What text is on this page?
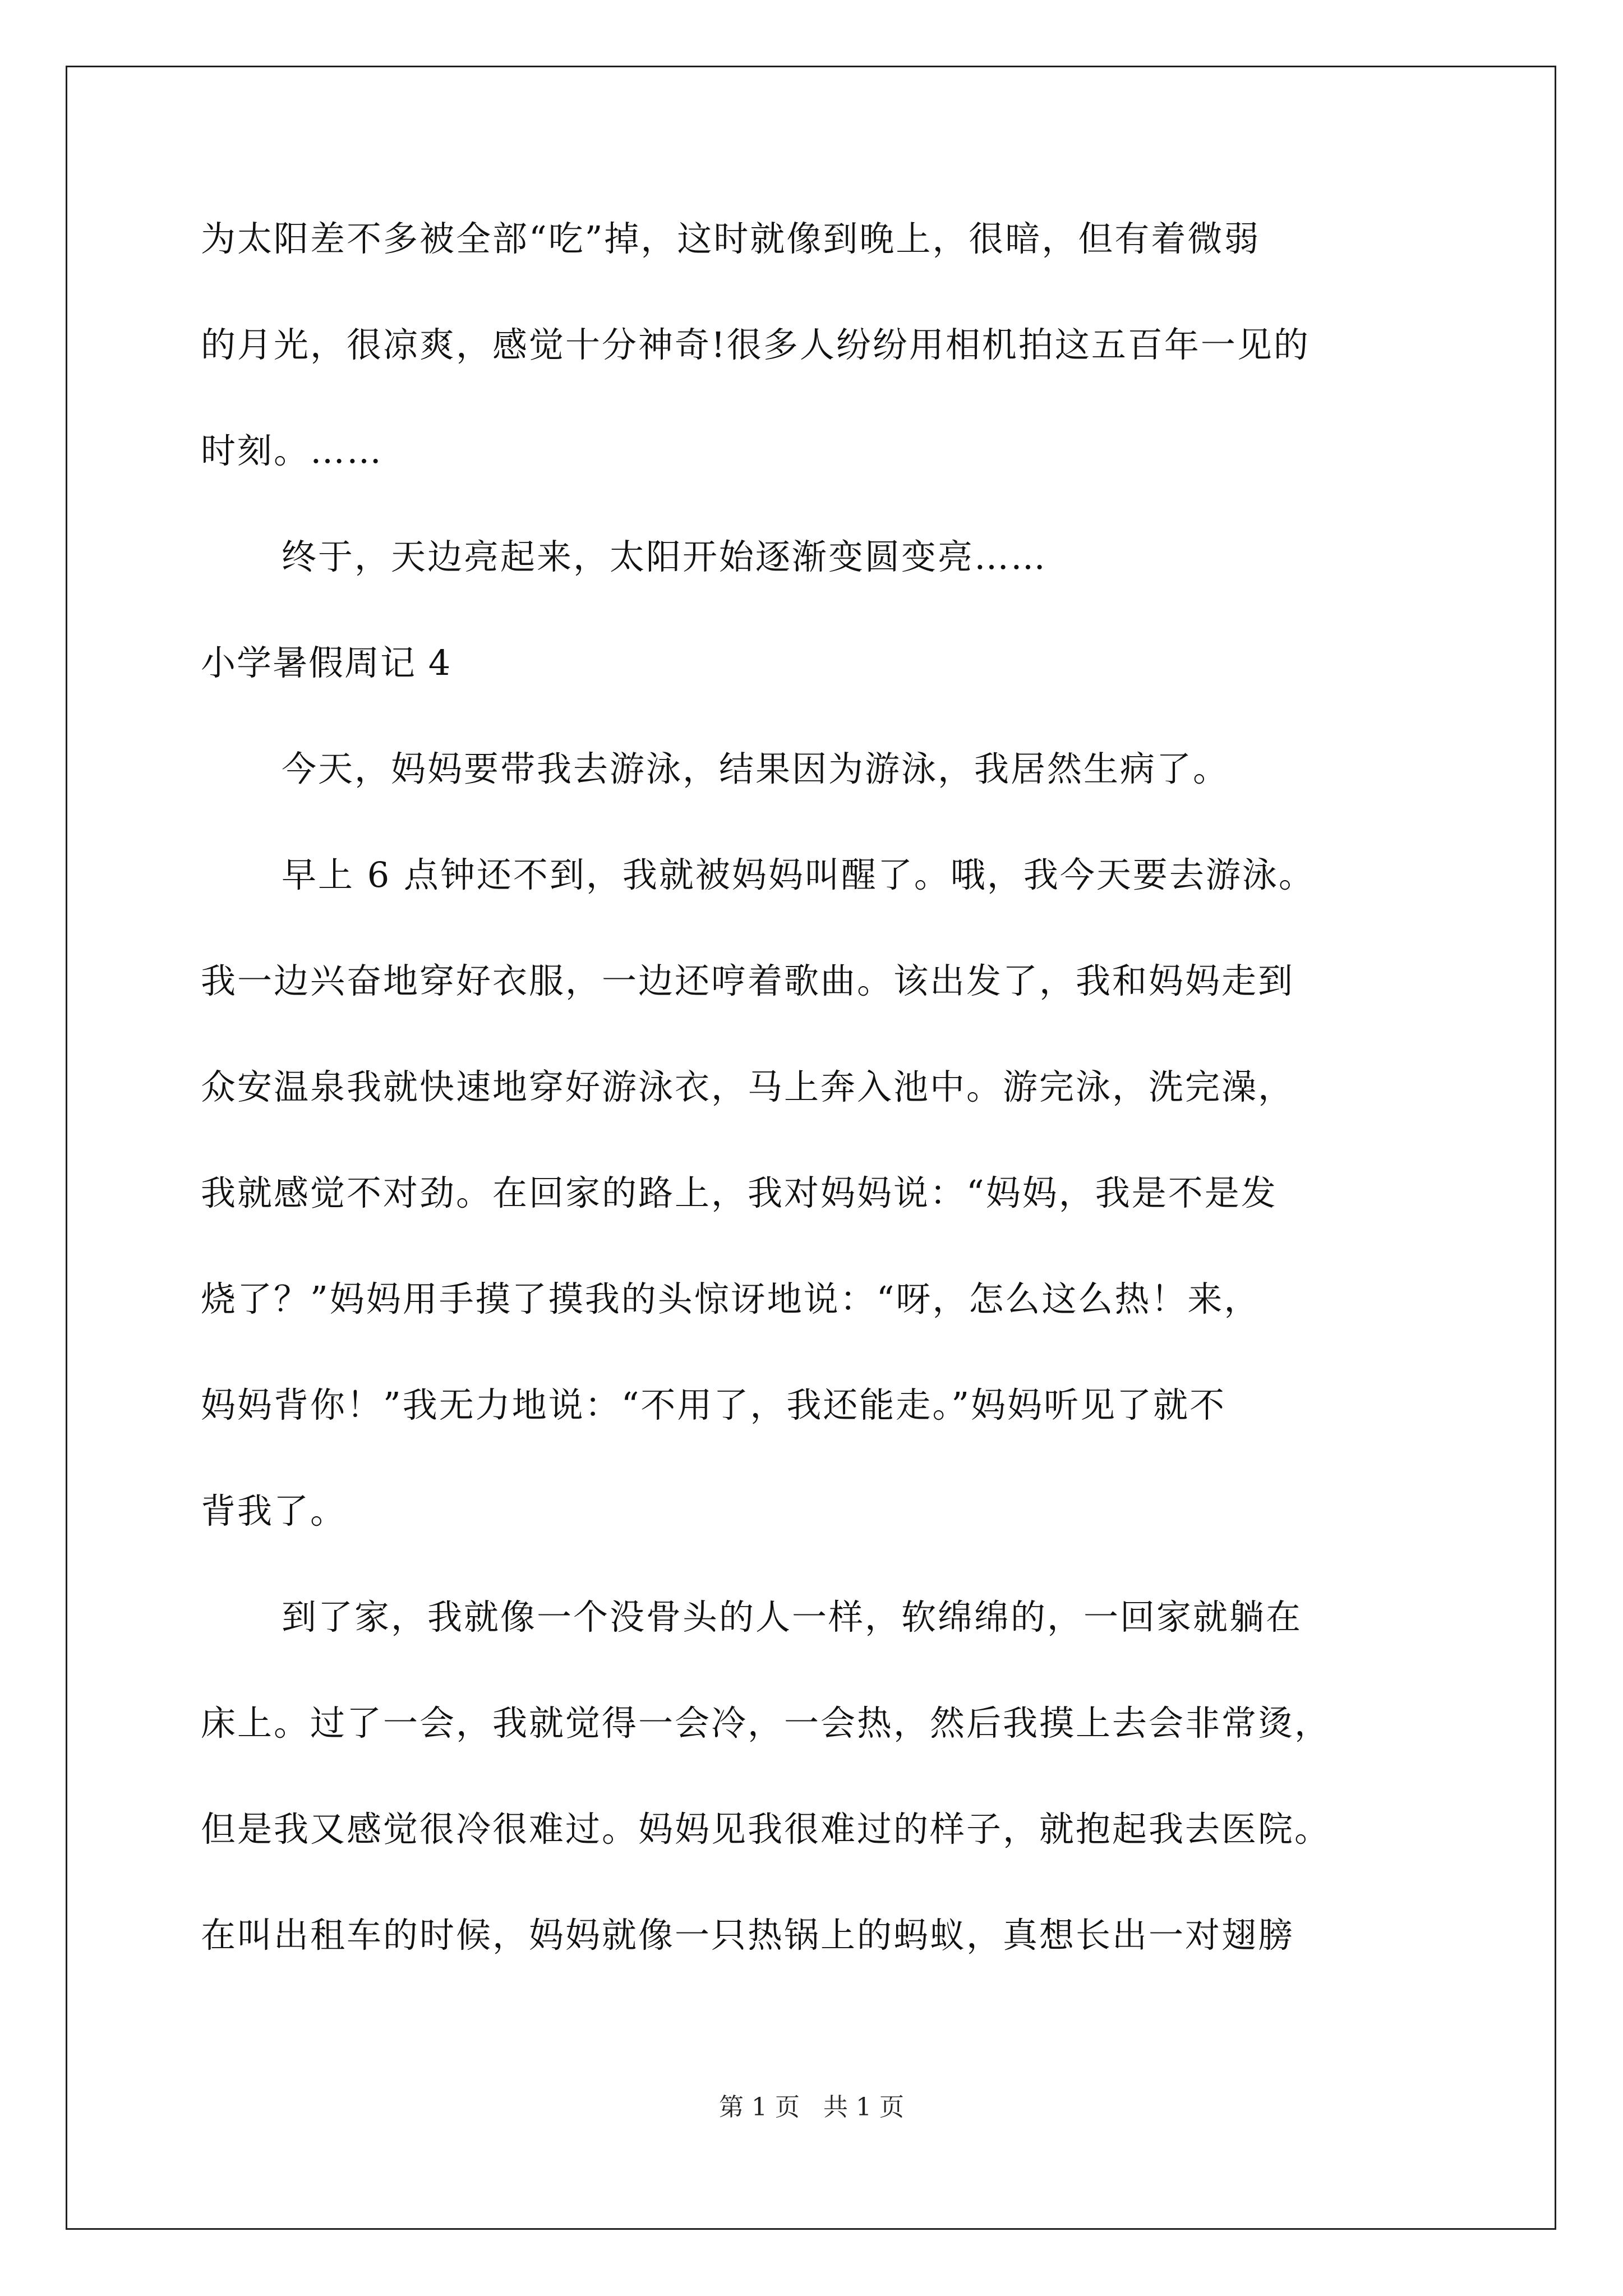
为太阳差不多被全部“吃”掉，这时就像到晚上，很暗，但有着微弱
的月光，很凉爽，感觉十分神奇!很多人纷纷用相机拍这五百年一见的
时刻。……
终于，天边亮起来，太阳开始逐渐变圆变亮……
小学暑假周记 4
今天，妈妈要带我去游泳，结果因为游泳，我居然生病了。
早上 6 点钟还不到，我就被妈妈叫醒了。哦，我今天要去游泳。
我一边兴奋地穿好衣服，一边还哼着歌曲。该出发了，我和妈妈走到
众安温泉我就快速地穿好游泳衣，马上奔入池中。游完泳，洗完澡，
我就感觉不对劲。在回家的路上，我对妈妈说：“妈妈，我是不是发
烧了？”妈妈用手摸了摸我的头惊讶地说：“呀，怎么这么热！来，
妈妈背你！”我无力地说：“不用了，我还能走。”妈妈听见了就不
背我了。
到了家，我就像一个没骨头的人一样，软绵绵的，一回家就躺在
床上。过了一会，我就觉得一会冷，一会热，然后我摸上去会非常烫，
但是我又感觉很冷很难过。妈妈见我很难过的样子，就抱起我去医院。
在叫出租车的时候，妈妈就像一只热锅上的蚂蚁，真想长出一对翅膀
第 1 页   共 1 页
